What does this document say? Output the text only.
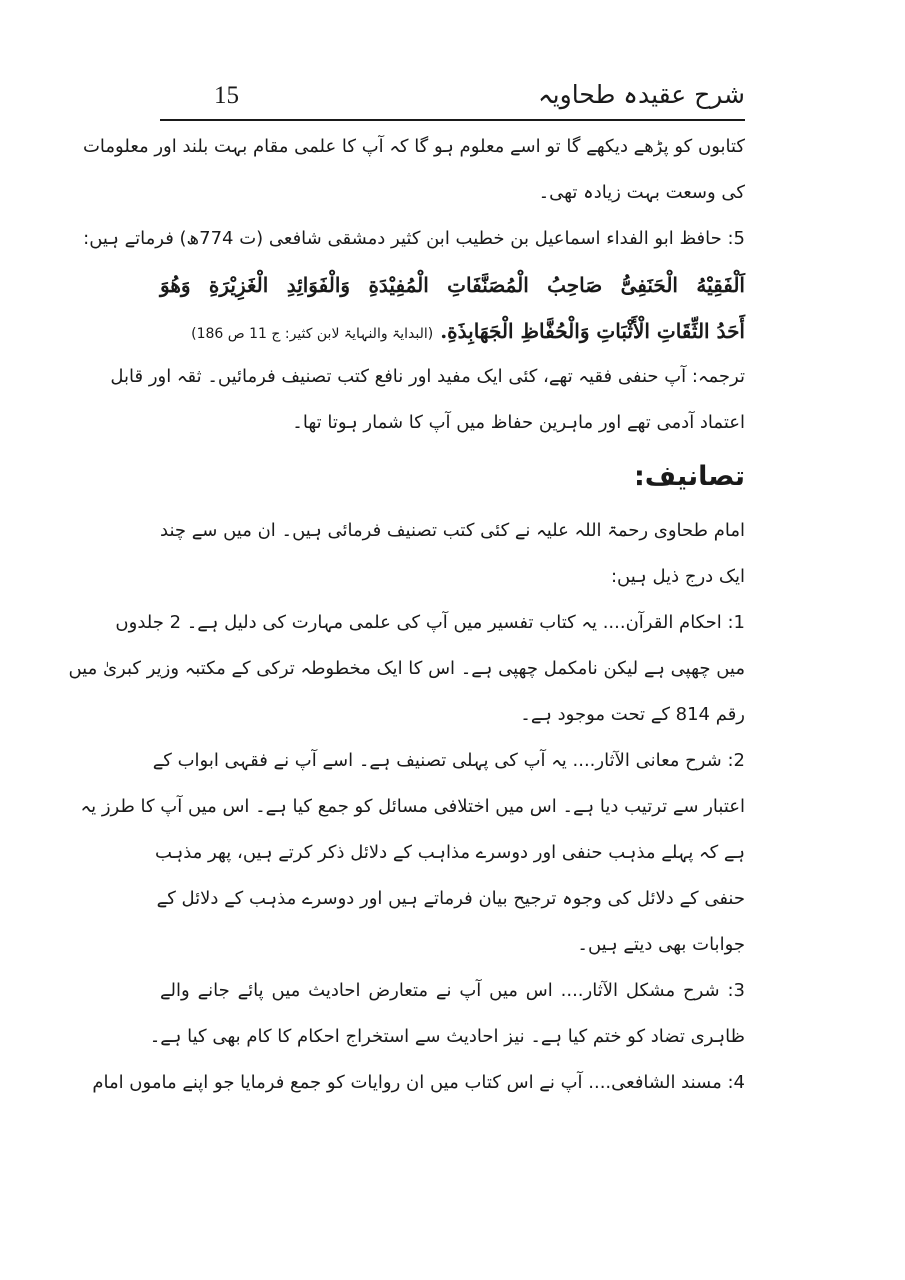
شرح عقیدہ طحاویہ
15
کتابوں کو پڑھے دیکھے گا تو اسے معلوم ہو گا کہ آپ کا علمی مقام بہت بلند اور معلومات
کی وسعت بہت زیادہ تھی۔
5: حافظ ابو الفداء اسماعیل بن خطیب ابن کثیر دمشقی شافعی (ت 774ھ) فرماتے ہیں:
اَلْفَقِیْهُ الْحَنَفِیُّ صَاحِبُ الْمُصَنَّفَاتِ الْمُفِیْدَةِ وَالْفَوَائِدِ الْغَزِیْرَةِ وَهُوَ
أَحَدُ الثِّقَاتِ الْأَثْبَاتِ وَالْحُفَّاظِ الْجَهَابِذَةِ. (البدایۃ والنہایۃ لابن کثیر: ج 11 ص 186)
ترجمہ: آپ حنفی فقیہ تھے، کئی ایک مفید اور نافع کتب تصنیف فرمائیں۔ ثقہ اور قابل
اعتماد آدمی تھے اور ماہرین حفاظ میں آپ کا شمار ہوتا تھا۔
تصانیف:
امام طحاوی رحمۃ اللہ علیہ نے کئی کتب تصنیف فرمائی ہیں۔ ان میں سے چند
ایک درج ذیل ہیں:
1: احکام القرآن.... یہ کتاب تفسیر میں آپ کی علمی مہارت کی دلیل ہے۔ 2 جلدوں
میں چھپی ہے لیکن نامکمل چھپی ہے۔ اس کا ایک مخطوطہ ترکی کے مکتبہ وزیر کبریٰ میں
رقم 814 کے تحت موجود ہے۔
2: شرح معانی الآثار.... یہ آپ کی پہلی تصنیف ہے۔ اسے آپ نے فقہی ابواب کے
اعتبار سے ترتیب دیا ہے۔ اس میں اختلافی مسائل کو جمع کیا ہے۔ اس میں آپ کا طرز یہ
ہے کہ پہلے مذہب حنفی اور دوسرے مذاہب کے دلائل ذکر کرتے ہیں، پھر مذہب
حنفی کے دلائل کی وجوہ ترجیح بیان فرماتے ہیں اور دوسرے مذہب کے دلائل کے
جوابات بھی دیتے ہیں۔
3: شرح مشکل الآثار.... اس میں آپ نے متعارض احادیث میں پائے جانے والے
ظاہری تضاد کو ختم کیا ہے۔ نیز احادیث سے استخراج احکام کا کام بھی کیا ہے۔
4: مسند الشافعی.... آپ نے اس کتاب میں ان روایات کو جمع فرمایا جو اپنے ماموں امام
